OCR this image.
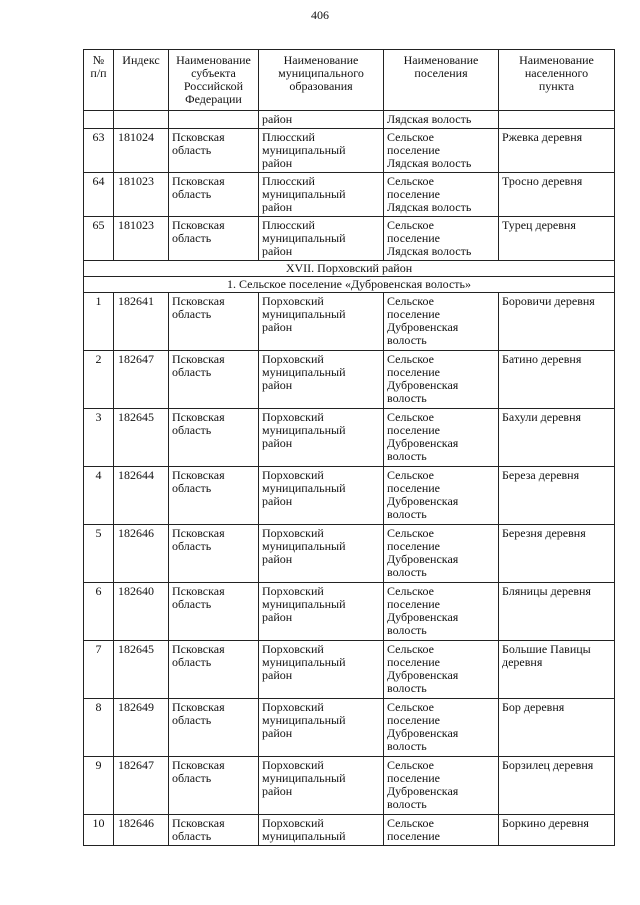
406
№
п/п	Индекс	Наименование
субъекта
Российской
Федерации	Наименование
муниципального
образования	Наименование
поселения	Наименование
населенного
пункта

			район	Лядская волость	

63	181024	Псковская
область	Плюсский
муниципальный
район	Сельское
поселение
Лядская волость	Ржевка деревня

64	181023	Псковская
область	Плюсский
муниципальный
район	Сельское
поселение
Лядская волость	Тросно деревня

65	181023	Псковская
область	Плюсский
муниципальный
район	Сельское
поселение
Лядская волость	Турец деревня

XVII. Порховский район					
1. Сельское поселение «Дубровенская волость»					
1	182641	Псковская
область	Порховский
муниципальный
район	Сельское
поселение
Дубровенская
волость	Боровичи деревня

2	182647	Псковская
область	Порховский
муниципальный
район	Сельское
поселение
Дубровенская
волость	Батино деревня

3	182645	Псковская
область	Порховский
муниципальный
район	Сельское
поселение
Дубровенская
волость	Бахули деревня

4	182644	Псковская
область	Порховский
муниципальный
район	Сельское
поселение
Дубровенская
волость	Береза деревня

5	182646	Псковская
область	Порховский
муниципальный
район	Сельское
поселение
Дубровенская
волость	Березня деревня

6	182640	Псковская
область	Порховский
муниципальный
район	Сельское
поселение
Дубровенская
волость	Бляницы деревня

7	182645	Псковская
область	Порховский
муниципальный
район	Сельское
поселение
Дубровенская
волость	Большие Павицы
деревня

8	182649	Псковская
область	Порховский
муниципальный
район	Сельское
поселение
Дубровенская
волость	Бор деревня

9	182647	Псковская
область	Порховский
муниципальный
район	Сельское
поселение
Дубровенская
волость	Борзилец деревня

10	182646	Псковская
область	Порховский
муниципальный	Сельское
поселение	Боркино деревня
